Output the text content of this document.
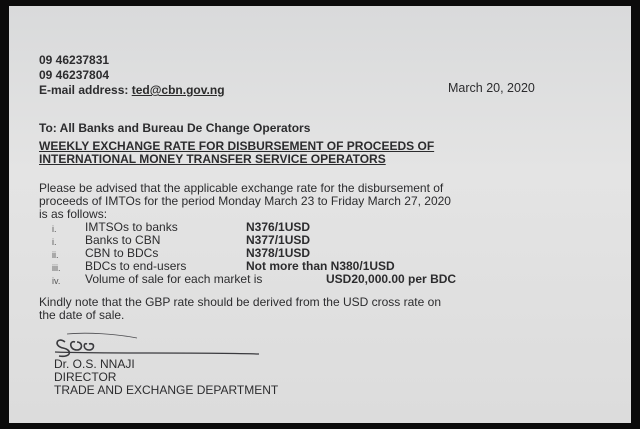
09 46237831
09 46237804
E-mail address: ted@cbn.gov.ng	March 20, 2020
To: All Banks and Bureau De Change Operators
WEEKLY EXCHANGE RATE FOR DISBURSEMENT OF PROCEEDS OF
INTERNATIONAL MONEY TRANSFER SERVICE OPERATORS
Please be advised that the applicable exchange rate for the disbursement of
proceeds of IMTOs for the period Monday March 23 to Friday March 27, 2020
is as follows:
i. IMTSOs to banks	N376/1USD
i. Banks to CBN	N377/1USD
ii. CBN to BDCs	N378/1USD
iii. BDCs to end-users	Not more than N380/1USD
iv. Volume of sale for each market is	USD20,000.00 per BDC
Kindly note that the GBP rate should be derived from the USD cross rate on
the date of sale.
Dr. O.S. NNAJI
DIRECTOR
TRADE AND EXCHANGE DEPARTMENT
